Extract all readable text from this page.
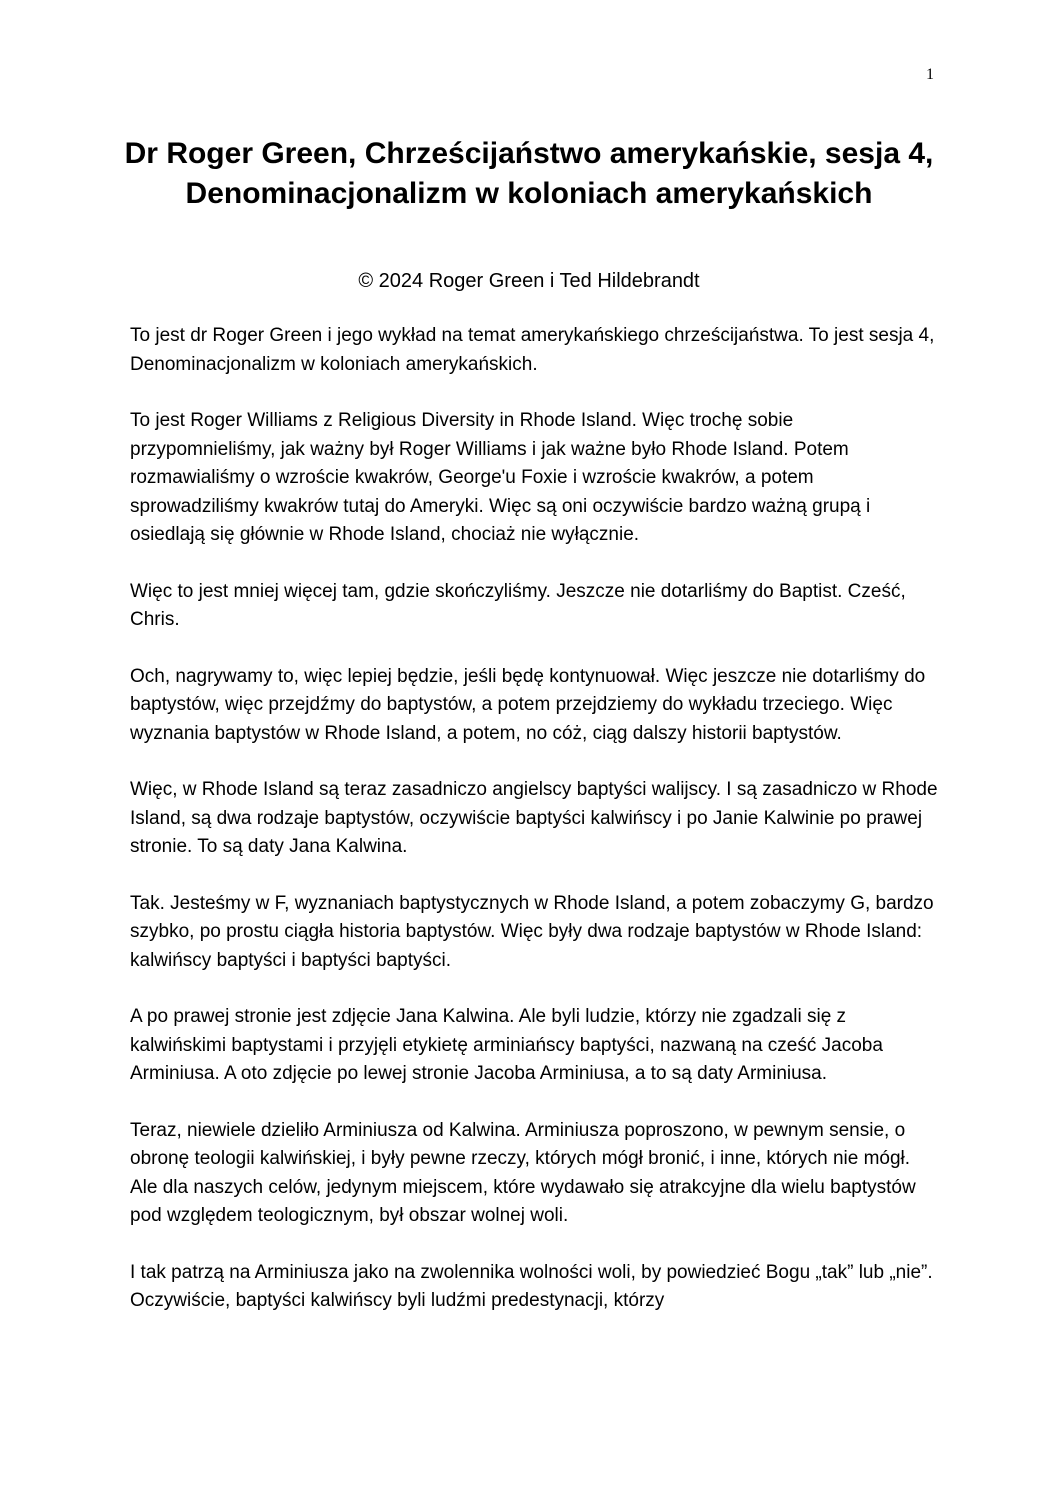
1
Dr Roger Green, Chrześcijaństwo amerykańskie, sesja 4, Denominacjonalizm w koloniach amerykańskich
© 2024 Roger Green i Ted Hildebrandt

To jest dr Roger Green i jego wykład na temat amerykańskiego chrześcijaństwa. To jest sesja 4, Denominacjonalizm w koloniach amerykańskich.

To jest Roger Williams z Religious Diversity in Rhode Island. Więc trochę sobie przypomnieliśmy, jak ważny był Roger Williams i jak ważne było Rhode Island. Potem rozmawialiśmy o wzroście kwakrów, George'u Foxie i wzroście kwakrów, a potem sprowadziliśmy kwakrów tutaj do Ameryki. Więc są oni oczywiście bardzo ważną grupą i osiedlają się głównie w Rhode Island, chociaż nie wyłącznie.

Więc to jest mniej więcej tam, gdzie skończyliśmy. Jeszcze nie dotarliśmy do Baptist. Cześć, Chris.

Och, nagrywamy to, więc lepiej będzie, jeśli będę kontynuował. Więc jeszcze nie dotarliśmy do baptystów, więc przejdźmy do baptystów, a potem przejdziemy do wykładu trzeciego. Więc wyznania baptystów w Rhode Island, a potem, no cóż, ciąg dalszy historii baptystów.

Więc, w Rhode Island są teraz zasadniczo angielscy baptyści walijscy. I są zasadniczo w Rhode Island, są dwa rodzaje baptystów, oczywiście baptyści kalwińscy i po Janie Kalwinie po prawej stronie. To są daty Jana Kalwina.

Tak. Jesteśmy w F, wyznaniach baptystycznych w Rhode Island, a potem zobaczymy G, bardzo szybko, po prostu ciągła historia baptystów. Więc były dwa rodzaje baptystów w Rhode Island: kalwińscy baptyści i baptyści baptyści.

A po prawej stronie jest zdjęcie Jana Kalwina. Ale byli ludzie, którzy nie zgadzali się z kalwińskimi baptystami i przyjęli etykietę arminiańscy baptyści, nazwaną na cześć Jacoba Arminiusa. A oto zdjęcie po lewej stronie Jacoba Arminiusa, a to są daty Arminiusa.

Teraz, niewiele dzieliło Arminiusza od Kalwina. Arminiusza poproszono, w pewnym sensie, o obronę teologii kalwińskiej, i były pewne rzeczy, których mógł bronić, i inne, których nie mógł. Ale dla naszych celów, jedynym miejscem, które wydawało się atrakcyjne dla wielu baptystów pod względem teologicznym, był obszar wolnej woli.

I tak patrzą na Arminiusza jako na zwolennika wolności woli, by powiedzieć Bogu „tak” lub „nie”. Oczywiście, baptyści kalwińscy byli ludźmi predestynacji, którzy
